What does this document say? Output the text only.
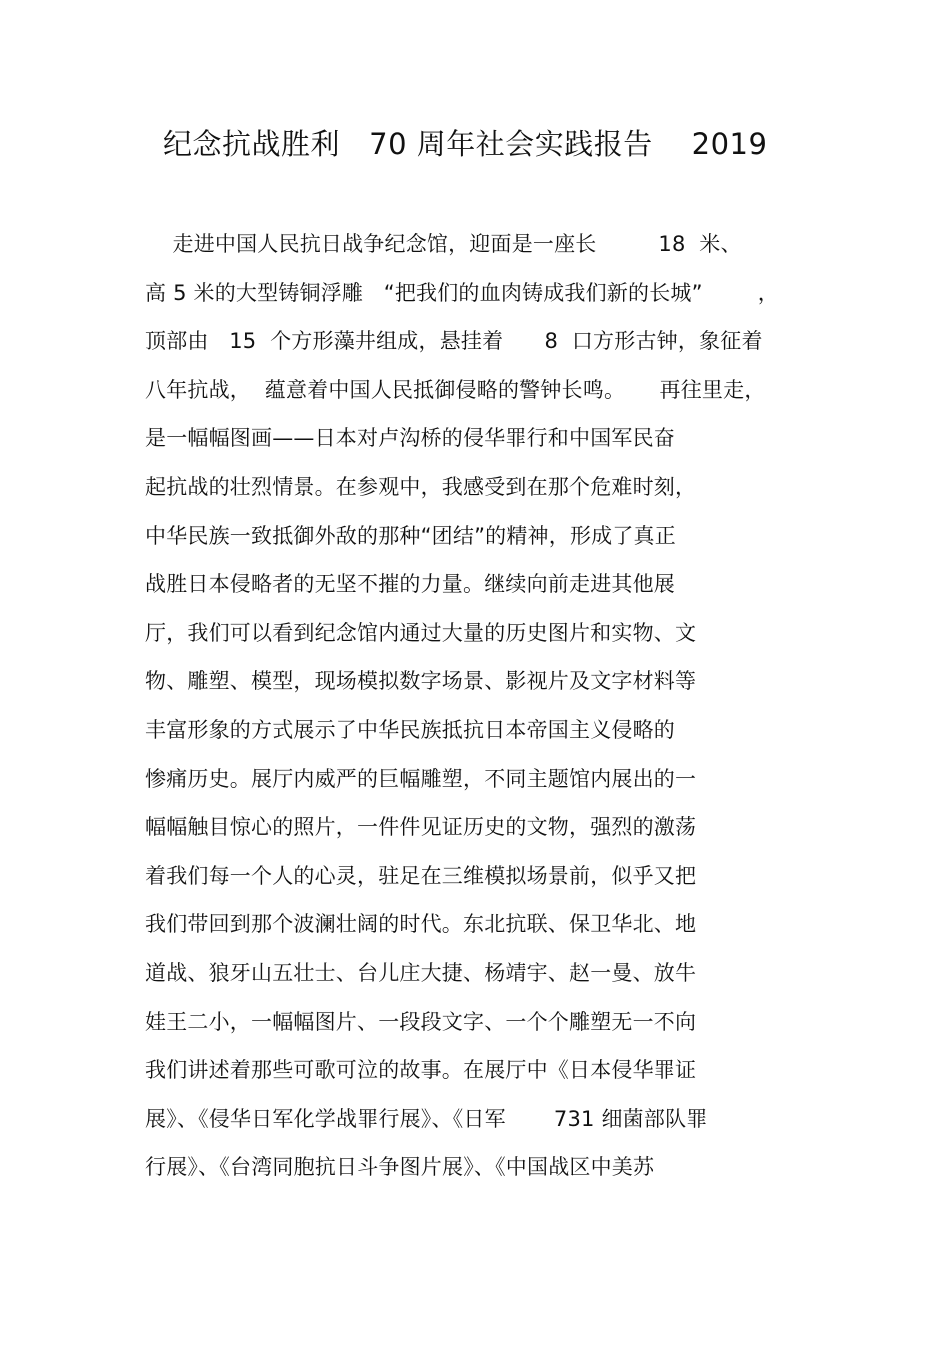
纪念抗战胜利   70 周年社会实践报告    2019
走进中国人民抗日战争纪念馆，迎面是一座长         18  米、
高 5 米的大型铸铜浮雕   “把我们的血肉铸成我们新的长城”        ，
顶部由   15  个方形藻井组成，悬挂着      8  口方形古钟，象征着
八年抗战，  蕴意着中国人民抵御侵略的警钟长鸣。     再往里走，
是一幅幅图画——日本对卢沟桥的侵华罪行和中国军民奋
起抗战的壮烈情景。在参观中，我感受到在那个危难时刻，
中华民族一致抵御外敌的那种“团结”的精神，形成了真正
战胜日本侵略者的无坚不摧的力量。继续向前走进其他展
厅，我们可以看到纪念馆内通过大量的历史图片和实物、文
物、雕塑、模型，现场模拟数字场景、影视片及文字材料等
丰富形象的方式展示了中华民族抵抗日本帝国主义侵略的
惨痛历史。展厅内威严的巨幅雕塑，不同主题馆内展出的一
幅幅触目惊心的照片，一件件见证历史的文物，强烈的激荡
着我们每一个人的心灵，驻足在三维模拟场景前，似乎又把
我们带回到那个波澜壮阔的时代。东北抗联、保卫华北、地
道战、狼牙山五壮士、台儿庄大捷、杨靖宇、赵一曼、放牛
娃王二小，一幅幅图片、一段段文字、一个个雕塑无一不向
我们讲述着那些可歌可泣的故事。在展厅中《日本侵华罪证
展》、《侵华日军化学战罪行展》、《日军       731 细菌部队罪
行展》、《台湾同胞抗日斗争图片展》、《中国战区中美苏
